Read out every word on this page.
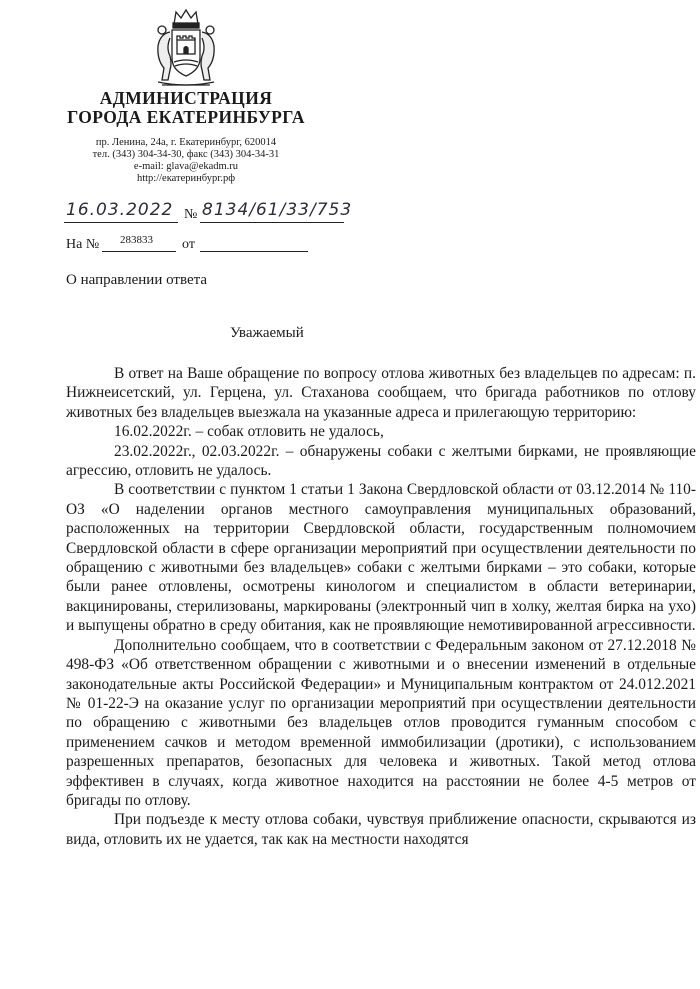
АДМИНИСТРАЦИЯ
ГОРОДА ЕКАТЕРИНБУРГА
пр. Ленина, 24а, г. Екатеринбург, 620014
тел. (343) 304-34-30, факс (343) 304-34-31
e-mail: glava@ekadm.ru
http://екатеринбург.рф
16.03.2022 № 8134/61/33/753
На № 283833 от
О направлении ответа
Уважаемый

В ответ на Ваше обращение по вопросу отлова животных без владельцев по адресам: п. Нижнеисетский, ул. Герцена, ул. Стаханова сообщаем, что бригада работников по отлову животных без владельцев выезжала на указанные адреса и прилегающую территорию:

16.02.2022г. – собак отловить не удалось,

23.02.2022г., 02.03.2022г. – обнаружены собаки с желтыми бирками, не проявляющие агрессию, отловить не удалось.

В соответствии с пунктом 1 статьи 1 Закона Свердловской области от 03.12.2014 № 110-ОЗ «О наделении органов местного самоуправления муниципальных образований, расположенных на территории Свердловской области, государственным полномочием Свердловской области в сфере организации мероприятий при осуществлении деятельности по обращению с животными без владельцев» собаки с желтыми бирками – это собаки, которые были ранее отловлены, осмотрены кинологом и специалистом в области ветеринарии, вакцинированы, стерилизованы, маркированы (электронный чип в холку, желтая бирка на ухо) и выпущены обратно в среду обитания, как не проявляющие немотивированной агрессивности.

Дополнительно сообщаем, что в соответствии с Федеральным законом от 27.12.2018 № 498-ФЗ «Об ответственном обращении с животными и о внесении изменений в отдельные законодательные акты Российской Федерации» и Муниципальным контрактом от 24.012.2021 № 01-22-Э на оказание услуг по организации мероприятий при осуществлении деятельности по обращению с животными без владельцев отлов проводится гуманным способом с применением сачков и методом временной иммобилизации (дротики), с использованием разрешенных препаратов, безопасных для человека и животных. Такой метод отлова эффективен в случаях, когда животное находится на расстоянии не более 4-5 метров от бригады по отлову.

При подъезде к месту отлова собаки, чувствуя приближение опасности, скрываются из вида, отловить их не удается, так как на местности находятся
